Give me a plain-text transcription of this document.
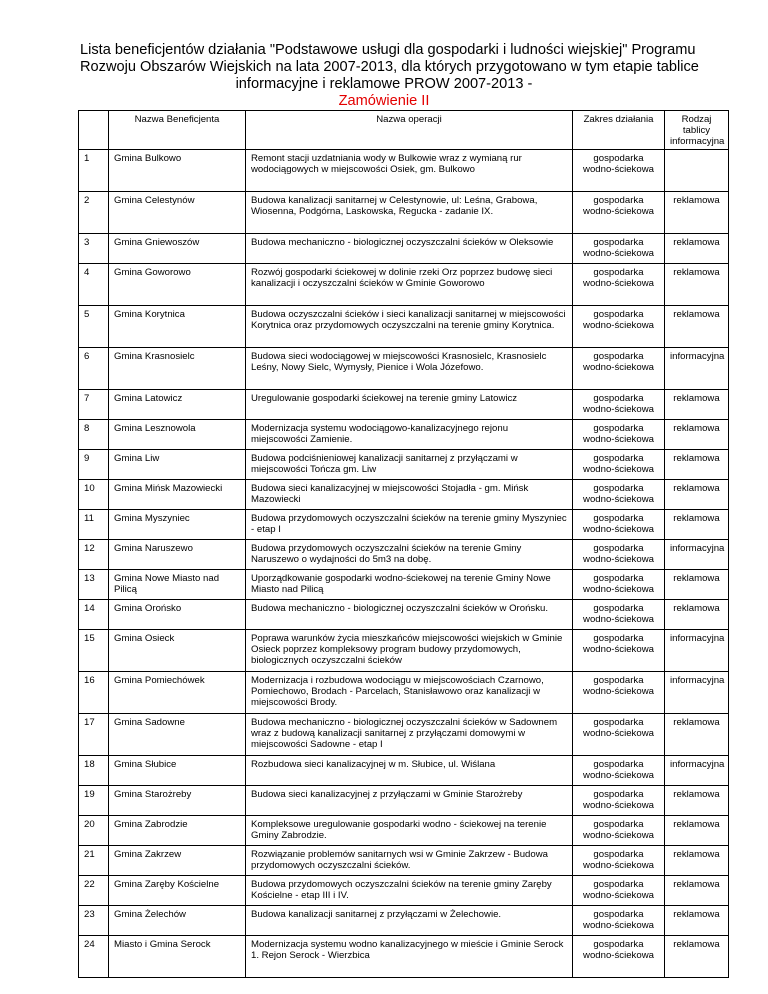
Lista beneficjentów działania "Podstawowe usługi dla gospodarki i ludności wiejskiej" Programu
Rozwoju Obszarów Wiejskich na lata 2007-2013, dla których przygotowano w tym etapie tablice
informacyjne i reklamowe PROW 2007-2013 -
Zamówienie II
	Nazwa Beneficjenta	Nazwa operacji	Zakres działania	Rodzaj tablicy informacyjna
1	Gmina Bulkowo	Remont stacji uzdatniania wody w Bulkowie wraz z wymianą rur wodociągowych w miejscowości Osiek, gm. Bulkowo	gospodarka wodno-ściekowa	
2	Gmina Celestynów	Budowa kanalizacji sanitarnej w Celestynowie, ul: Leśna, Grabowa, Wiosenna, Podgórna, Laskowska, Regucka - zadanie IX.	gospodarka wodno-ściekowa	reklamowa
3	Gmina Gniewoszów	Budowa mechaniczno - biologicznej oczyszczalni ścieków w Oleksowie	gospodarka wodno-ściekowa	reklamowa
4	Gmina Goworowo	Rozwój gospodarki ściekowej w dolinie rzeki Orz poprzez budowę sieci kanalizacji i oczyszczalni ścieków w Gminie Goworowo	gospodarka wodno-ściekowa	reklamowa
5	Gmina Korytnica	Budowa oczyszczalni ścieków i sieci kanalizacji sanitarnej w miejscowości Korytnica oraz przydomowych oczyszczalni na terenie gminy Korytnica.	gospodarka wodno-ściekowa	reklamowa
6	Gmina Krasnosielc	Budowa sieci wodociągowej w miejscowości Krasnosielc, Krasnosielc Leśny, Nowy Sielc, Wymysły, Pienice i Wola Józefowo.	gospodarka wodno-ściekowa	informacyjna
7	Gmina Latowicz	Uregulowanie gospodarki ściekowej na terenie gminy Latowicz	gospodarka wodno-ściekowa	reklamowa
8	Gmina Lesznowola	Modernizacja systemu wodociągowo-kanalizacyjnego rejonu miejscowości Zamienie.	gospodarka wodno-ściekowa	reklamowa
9	Gmina Liw	Budowa podciśnieniowej kanalizacji sanitarnej z przyłączami w miejscowości Tończa gm. Liw	gospodarka wodno-ściekowa	reklamowa
10	Gmina Mińsk Mazowiecki	Budowa sieci kanalizacyjnej w miejscowości Stojadła - gm. Mińsk Mazowiecki	gospodarka wodno-ściekowa	reklamowa
11	Gmina Myszyniec	Budowa przydomowych oczyszczalni ścieków na terenie gminy Myszyniec - etap I	gospodarka wodno-ściekowa	reklamowa
12	Gmina Naruszewo	Budowa przydomowych oczyszczalni ścieków na terenie Gminy Naruszewo o wydajności do 5m3 na dobę.	gospodarka wodno-ściekowa	informacyjna
13	Gmina Nowe Miasto nad Pilicą	Uporządkowanie gospodarki wodno-ściekowej na terenie Gminy Nowe Miasto nad Pilicą	gospodarka wodno-ściekowa	reklamowa
14	Gmina Orońsko	Budowa mechaniczno - biologicznej oczyszczalni ścieków w Orońsku.	gospodarka wodno-ściekowa	reklamowa
15	Gmina Osieck	Poprawa warunków życia mieszkańców miejscowości wiejskich w Gminie Osieck poprzez kompleksowy program budowy przydomowych, biologicznych oczyszczalni ścieków	gospodarka wodno-ściekowa	informacyjna
16	Gmina Pomiechówek	Modernizacja i rozbudowa wodociągu w miejscowościach Czarnowo, Pomiechowo, Brodach - Parcelach, Stanisławowo oraz kanalizacji w miejscowości Brody.	gospodarka wodno-ściekowa	informacyjna
17	Gmina Sadowne	Budowa mechaniczno - biologicznej oczyszczalni ścieków w Sadownem wraz z budową kanalizacji sanitarnej z przyłączami domowymi w miejscowości Sadowne - etap I	gospodarka wodno-ściekowa	reklamowa
18	Gmina Słubice	Rozbudowa sieci kanalizacyjnej w m. Słubice, ul. Wiślana	gospodarka wodno-ściekowa	informacyjna
19	Gmina Starożreby	Budowa sieci kanalizacyjnej z przyłączami w Gminie Starożreby	gospodarka wodno-ściekowa	reklamowa
20	Gmina Zabrodzie	Kompleksowe uregulowanie gospodarki wodno - ściekowej na terenie Gminy Zabrodzie.	gospodarka wodno-ściekowa	reklamowa
21	Gmina Zakrzew	Rozwiązanie problemów sanitarnych wsi w Gminie Zakrzew - Budowa przydomowych oczyszczalni ścieków.	gospodarka wodno-ściekowa	reklamowa
22	Gmina Zaręby Kościelne	Budowa przydomowych oczyszczalni ścieków na terenie gminy Zaręby Kościelne - etap III i IV.	gospodarka wodno-ściekowa	reklamowa
23	Gmina Żelechów	Budowa kanalizacji sanitarnej z przyłączami w Żelechowie.	gospodarka wodno-ściekowa	reklamowa
24	Miasto i Gmina Serock	Modernizacja systemu wodno kanalizacyjnego w mieście i Gminie Serock 1. Rejon Serock - Wierzbica	gospodarka wodno-ściekowa	reklamowa
